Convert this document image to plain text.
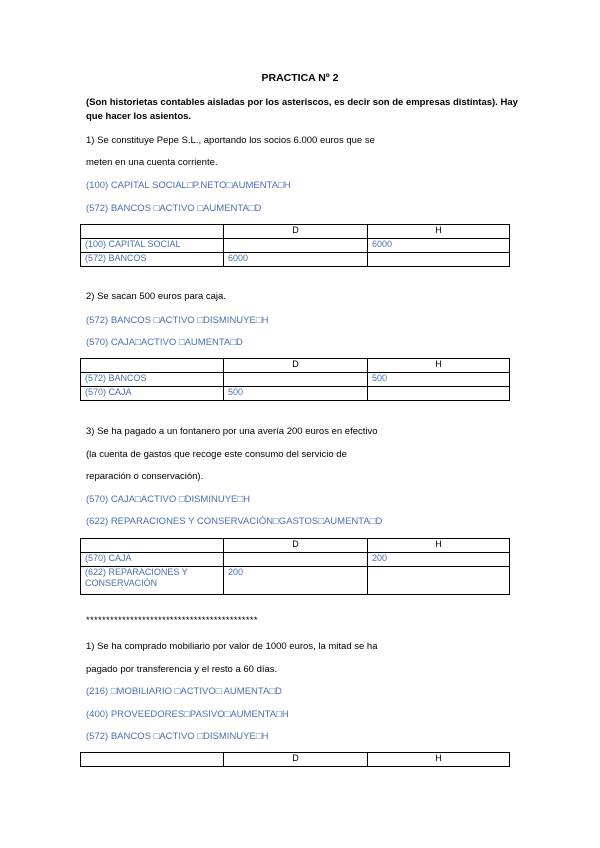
PRACTICA Nº 2
(Son historietas contables aisladas por los asteriscos, es decir son de empresas distintas). Hay
que hacer los asientos.
1) Se constituye Pepe S.L., aportando los socios 6.000 euros que se
meten en una cuenta corriente.
(100) CAPITAL SOCIAL□P.NETO□AUMENTA□H
(572) BANCOS □ACTIVO □AUMENTA□D
	D	H
(100) CAPITAL SOCIAL		6000
(572) BANCOS	6000	
2) Se sacan 500 euros para caja.
(572) BANCOS □ACTIVO □DISMINUYE□H
(570) CAJA□ACTIVO □AUMENTA□D
	D	H
(572) BANCOS		500
(570) CAJA	500	
3) Se ha pagado a un fontanero por una avería 200 euros en efectivo
(la cuenta de gastos que recoge este consumo del servicio de
reparación o conservación).
(570) CAJA□ACTIVO □DISMINUYE□H
(622) REPARACIONES Y CONSERVACIÓN□GASTOS□AUMENTA□D
	D	H
(570) CAJA		200
(622) REPARACIONES Y CONSERVACIÓN	200	
*******************************************
1) Se ha comprado mobiliario por valor de 1000 euros, la mitad se ha
pagado por transferencia y el resto a 60 días.
(216) □MOBILIARIO □ACTIVO□ AUMENTA□D
(400) PROVEEDORES□PASIVO□AUMENTA□H
(572) BANCOS □ACTIVO □DISMINUYE□H
	D	H
